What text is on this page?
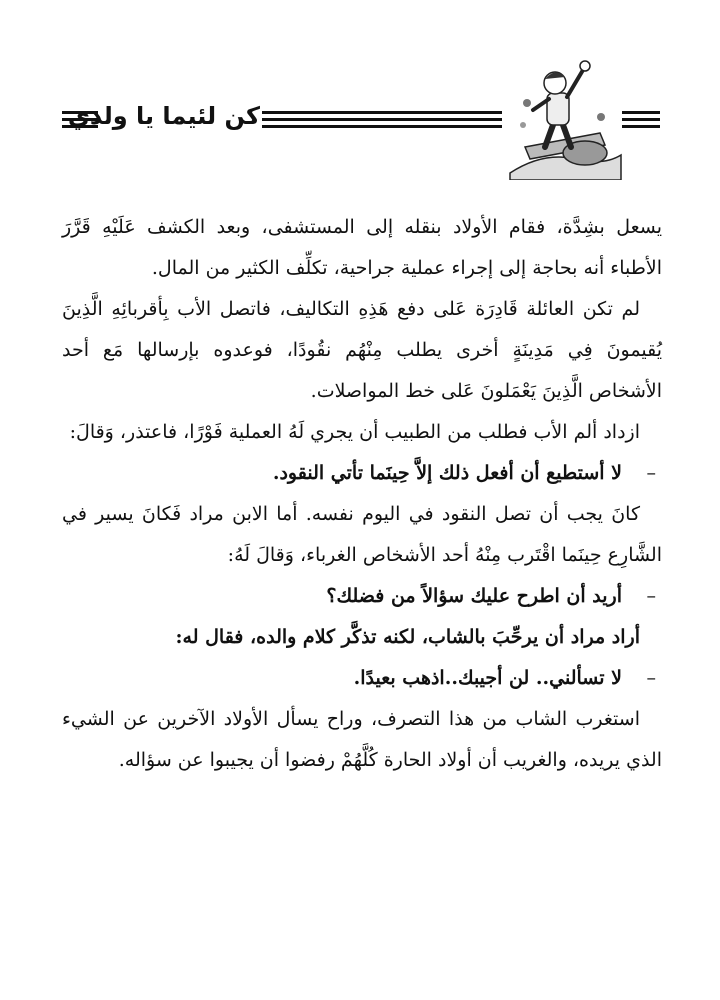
كن لئيما يا ولدي

يسعل بشِدَّة، فقام الأولاد بنقله إلى المستشفى، وبعد الكشف عَلَيْهِ قَرَّرَ الأطباء أنه بحاجة إلى إجراء عملية جراحية، تكلِّف الكثير من المال.

لم تكن العائلة قَادِرَة عَلى دفع هَذِهِ التكاليف، فاتصل الأب بِأقربائِهِ الَّذِينَ يُقيمونَ فِي مَدِينَةٍ أخرى يطلب مِنْهُم نقُودًا، فوعدوه بإرسالها مَع أحد الأشخاص الَّذِينَ يَعْمَلونَ عَلى خط المواصلات.

ازداد ألم الأب فطلب من الطبيب أن يجري لَهُ العملية فَوْرًا، فاعتذر، وَقالَ:

–
لا أستطيع أن أفعل ذلك إلاَّ حِينَما تأتي النقود.

كانَ يجب أن تصل النقود في اليوم نفسه. أما الابن مراد فَكانَ يسير في الشَّارِع حِينَما اقْتَرب مِنْهُ أحد الأشخاص الغرباء، وَقالَ لَهُ:

–
أريد أن اطرح عليك سؤالاً من فضلك؟

أراد مراد أن يرحِّبَ بالشاب، لكنه تذكَّر كلام والده، فقال له:

–
لا تسألني.. لن أجيبك..اذهب بعيدًا.

استغرب الشاب من هذا التصرف، وراح يسأل الأولاد الآخرين عن الشيء الذي يريده، والغريب أن أولاد الحارة كُلَّهُمْ رفضوا أن يجيبوا عن سؤاله.
